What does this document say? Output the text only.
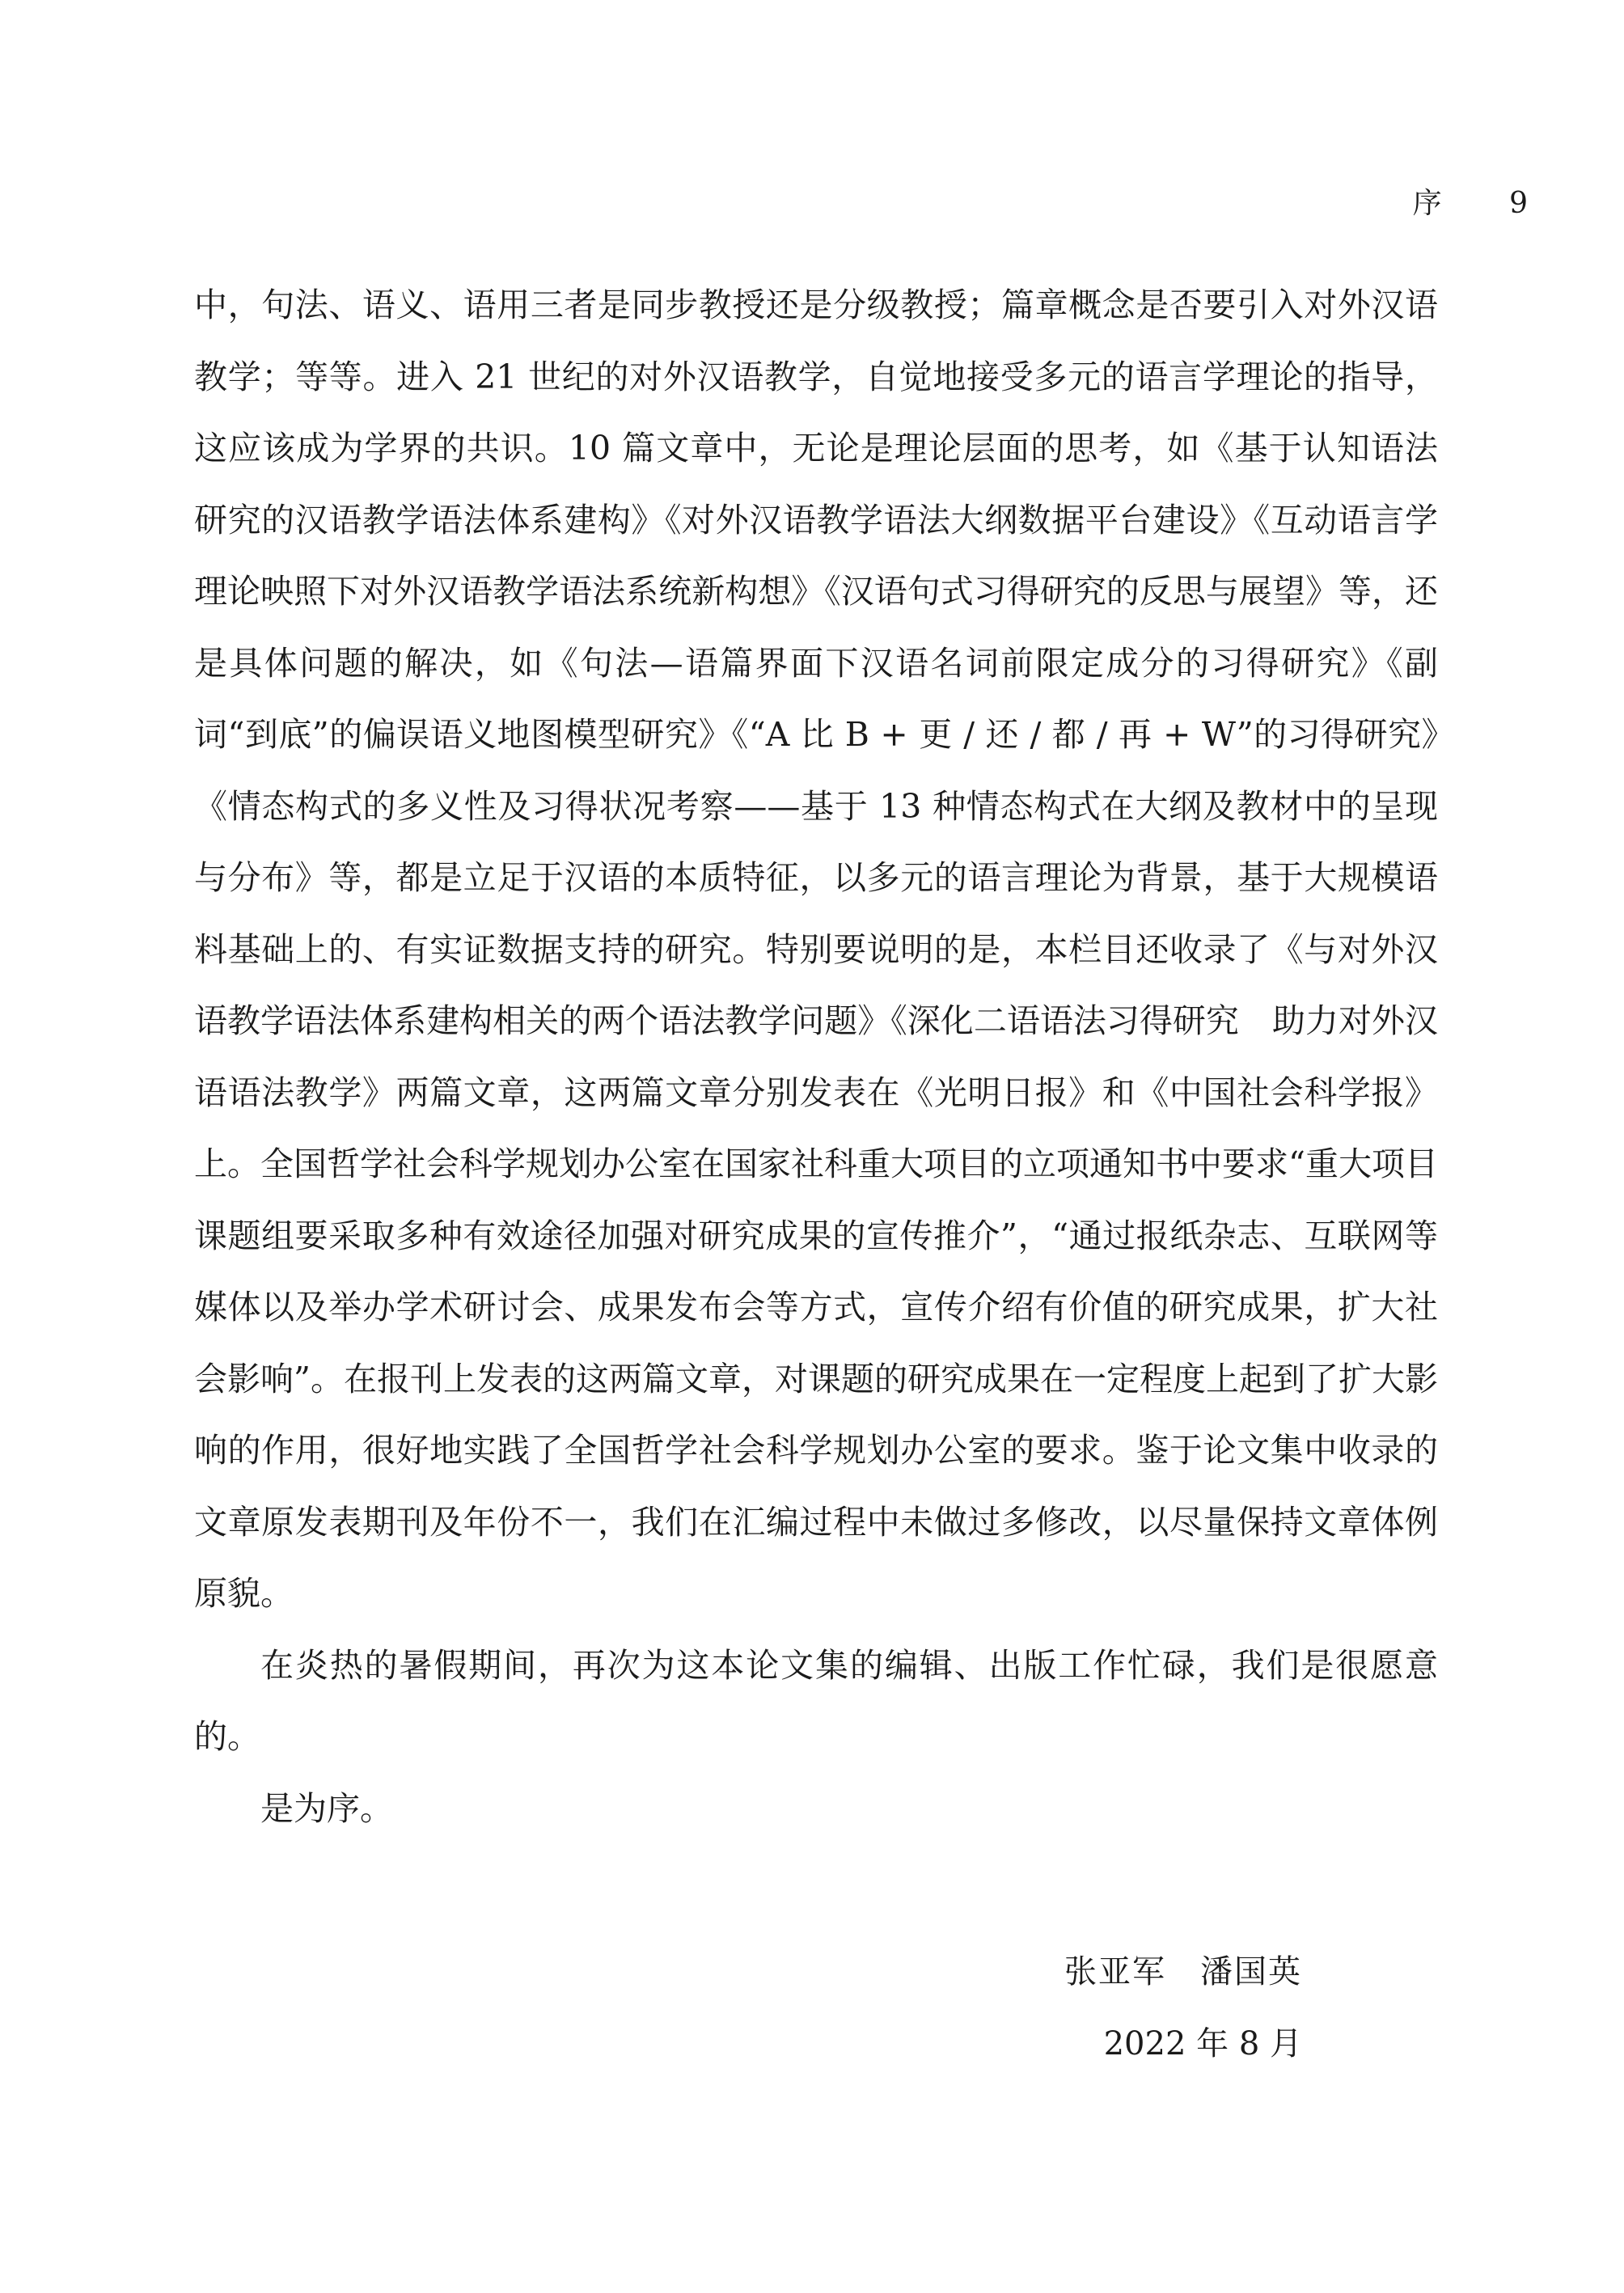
序 9

中，句法、语义、语用三者是同步教授还是分级教授；篇章概念是否要引入对外汉语教学；等等。进入 21 世纪的对外汉语教学，自觉地接受多元的语言学理论的指导，这应该成为学界的共识。10 篇文章中，无论是理论层面的思考，如《基于认知语法研究的汉语教学语法体系建构》《对外汉语教学语法大纲数据平台建设》《互动语言学理论映照下对外汉语教学语法系统新构想》《汉语句式习得研究的反思与展望》等，还是具体问题的解决，如《句法—语篇界面下汉语名词前限定成分的习得研究》《副词“到底”的偏误语义地图模型研究》《“A 比 B + 更 / 还 / 都 / 再 + W”的习得研究》《情态构式的多义性及习得状况考察——基于 13 种情态构式在大纲及教材中的呈现与分布》等，都是立足于汉语的本质特征，以多元的语言理论为背景，基于大规模语料基础上的、有实证数据支持的研究。特别要说明的是，本栏目还收录了《与对外汉语教学语法体系建构相关的两个语法教学问题》《深化二语语法习得研究　助力对外汉语语法教学》两篇文章，这两篇文章分别发表在《光明日报》和《中国社会科学报》上。全国哲学社会科学规划办公室在国家社科重大项目的立项通知书中要求“重大项目课题组要采取多种有效途径加强对研究成果的宣传推介”，“通过报纸杂志、互联网等媒体以及举办学术研讨会、成果发布会等方式，宣传介绍有价值的研究成果，扩大社会影响”。在报刊上发表的这两篇文章，对课题的研究成果在一定程度上起到了扩大影响的作用，很好地实践了全国哲学社会科学规划办公室的要求。鉴于论文集中收录的文章原发表期刊及年份不一，我们在汇编过程中未做过多修改，以尽量保持文章体例原貌。

在炎热的暑假期间，再次为这本论文集的编辑、出版工作忙碌，我们是很愿意的。

是为序。

张亚军　潘国英
2022 年 8 月
